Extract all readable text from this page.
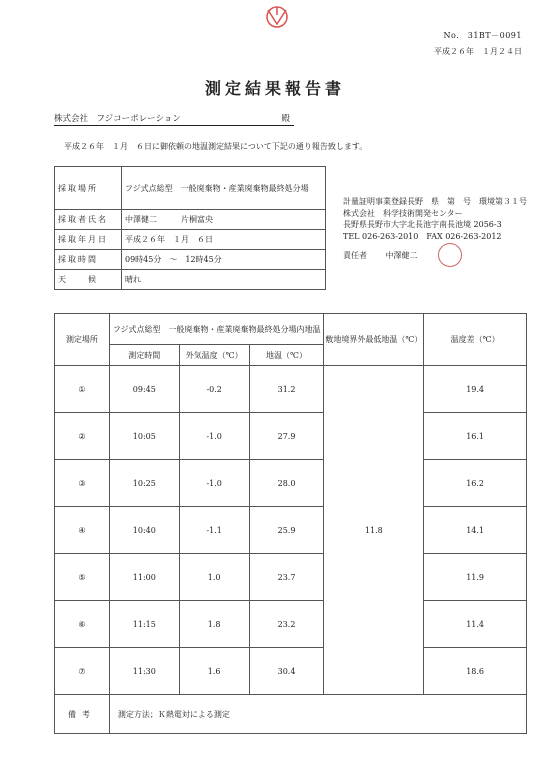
No.　31BT－0091
平成２６年　１月２４日
測定結果報告書
株式会社　フジコーポレーション	殿
平成２６年　１月　６日に御依頼の地温測定結果について下記の通り報告致します。
採取場所	フジ式点総型　一般廃棄物・産業廃棄物最終処分場
採取者氏名	中澤健二　　　片桐富央
採取年月日	平成２６年　１月　６日
採取時間	09時45分　～　12時45分
天　　候	晴れ
計量証明事業登録長野　県　第　号　環境第３１号
株式会社　科学技術開発センター
長野県長野市大字北長池字南長池境 2056-3
TEL 026-263-2010　FAX 026-263-2012
責任者 中澤健二
測定場所	フジ式点総型　一般廃棄物・産業廃棄物最終処分場内地温			敷地境界外最低地温（℃）	温度差（℃）
	測定時間	外気温度（℃）	地温（℃）		
①	09:45	-0.2	31.2	11.8	19.4
②	10:05	-1.0	27.9		16.1
③	10:25	-1.0	28.0		16.2
④	10:40	-1.1	25.9		14.1
⑤	11:00	1.0	23.7		11.9
⑥	11:15	1.8	23.2		11.4
⑦	11:30	1.6	30.4		18.6
備考	測定方法；Ｋ熱電対による測定				
